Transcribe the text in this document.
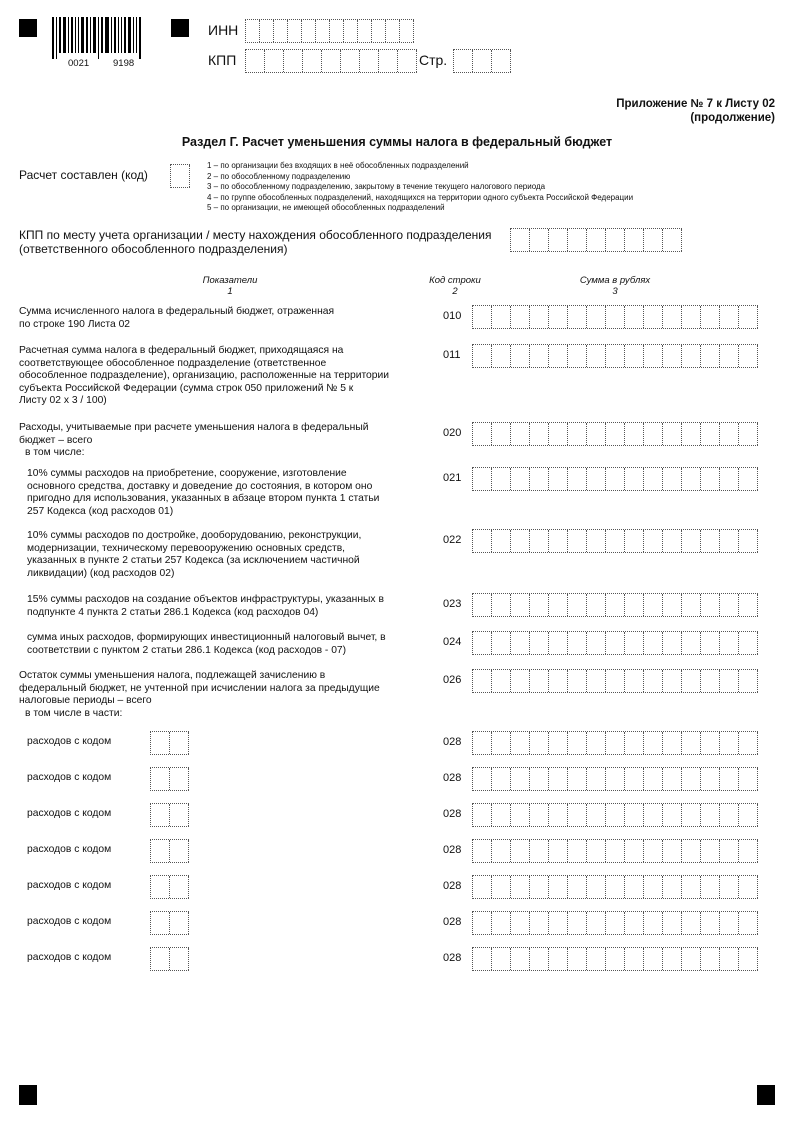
0021	9198
ИНН
КПП	Стр.
Приложение № 7 к Листу 02
(продолжение)
Раздел Г. Расчет уменьшения суммы налога в федеральный бюджет
Расчет составлен (код)
1 – по организации без входящих в неё обособленных подразделений
2 – по обособленному подразделению
3 – по обособленному подразделению, закрытому в течение текущего налогового периода
4 – по группе обособленных подразделений, находящихся на территории одного субъекта Российской Федерации
5 – по организации, не имеющей обособленных подразделений
КПП по месту учета организации / месту нахождения обособленного подразделения
(ответственного обособленного подразделения)
Показатели
1
Код строки
2
Сумма в рублях
3
Сумма исчисленного налога в федеральный бюджет, отраженная
по строке 190 Листа 02
010
Расчетная сумма налога в федеральный бюджет, приходящаяся на
соответствующее обособленное подразделение (ответственное
обособленное подразделение), организацию, расположенные на территории
субъекта Российской Федерации (сумма строк 050 приложений № 5 к
Листу 02 x 3 / 100)
011
Расходы, учитываемые при расчете уменьшения налога в федеральный
бюджет – всего
в том числе:
020
10% суммы расходов на приобретение, сооружение, изготовление
основного средства, доставку и доведение до состояния, в котором оно
пригодно для использования, указанных в абзаце втором пункта 1 статьи
257 Кодекса (код расходов 01)
021
10% суммы расходов по достройке, дооборудованию, реконструкции,
модернизации, техническому перевооружению основных средств,
указанных в пункте 2 статьи 257 Кодекса (за исключением частичной
ликвидации) (код расходов 02)
022
15% суммы расходов на создание объектов инфраструктуры, указанных в
подпункте 4 пункта 2 статьи 286.1 Кодекса (код расходов 04)
023
сумма иных расходов, формирующих инвестиционный налоговый вычет, в
соответствии с пунктом 2 статьи 286.1 Кодекса (код расходов - 07)
024
Остаток суммы уменьшения налога, подлежащей зачислению в
федеральный бюджет, не учтенной при исчислении налога за предыдущие
налоговые периоды – всего
в том числе в части:
026
расходов с кодом	028
расходов с кодом	028
расходов с кодом	028
расходов с кодом	028
расходов с кодом	028
расходов с кодом	028
расходов с кодом	028
